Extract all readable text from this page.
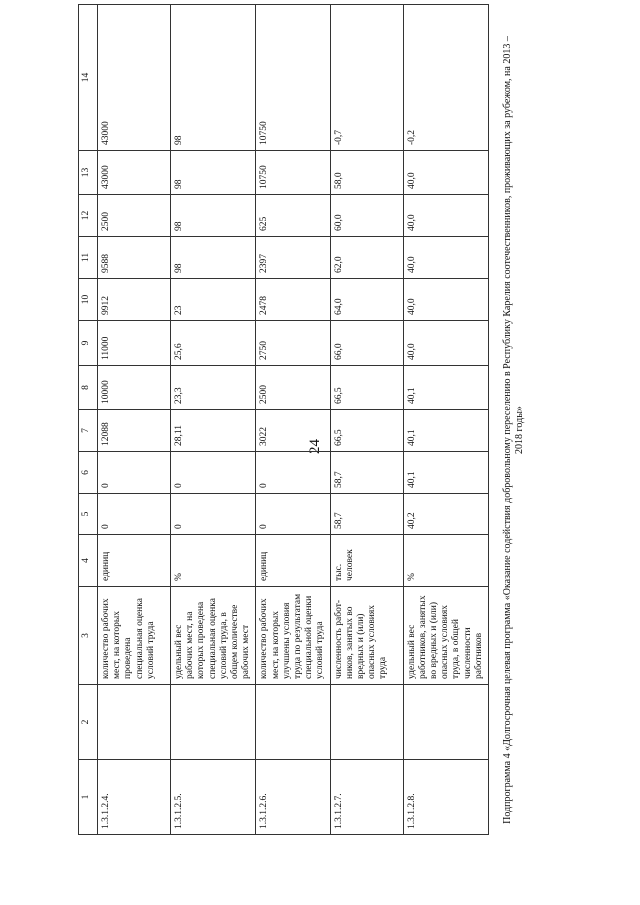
24
1	2	3	4	5	6	7	8	9	10	11	12	13	14
1.3.1.2.4.		количество рабочих мест, на которых проведена специальная оценка условий труда	единиц	0	0	12088	10000	11000	9912	9588	2500	43000	43000
1.3.1.2.5.		удельный вес рабочих мест, на которых проведена специальная оценка условий труда, в общем количестве рабочих мест	%	0	0	28,11	23,3	25,6	23	98	98	98	98
1.3.1.2.6.		количество рабочих мест, на которых улучшены условия труда по результатам специальной оценки условий труда	единиц	0	0	3022	2500	2750	2478	2397	625	10750	10750
1.3.1.2.7.		численность работ-ников, занятых во вредных и (или) опасных условиях труда	тыс. человек	58,7	58,7	66,5	66,5	66,0	64,0	62,0	60,0	58,0	-0,7
1.3.1.2.8.		удельный вес работников, занятых во вредных и (или) опасных условиях труда, в общей численности работников	%	40,2	40,1	40,1	40,1	40,0	40,0	40,0	40,0	40,0	-0,2	Подпрограмма 4 «Долгосрочная целевая программа «Оказание содействия добровольному переселению в Республику Карелия соотечественников, проживающих за рубежом, на 2013 – 2018 годы»
